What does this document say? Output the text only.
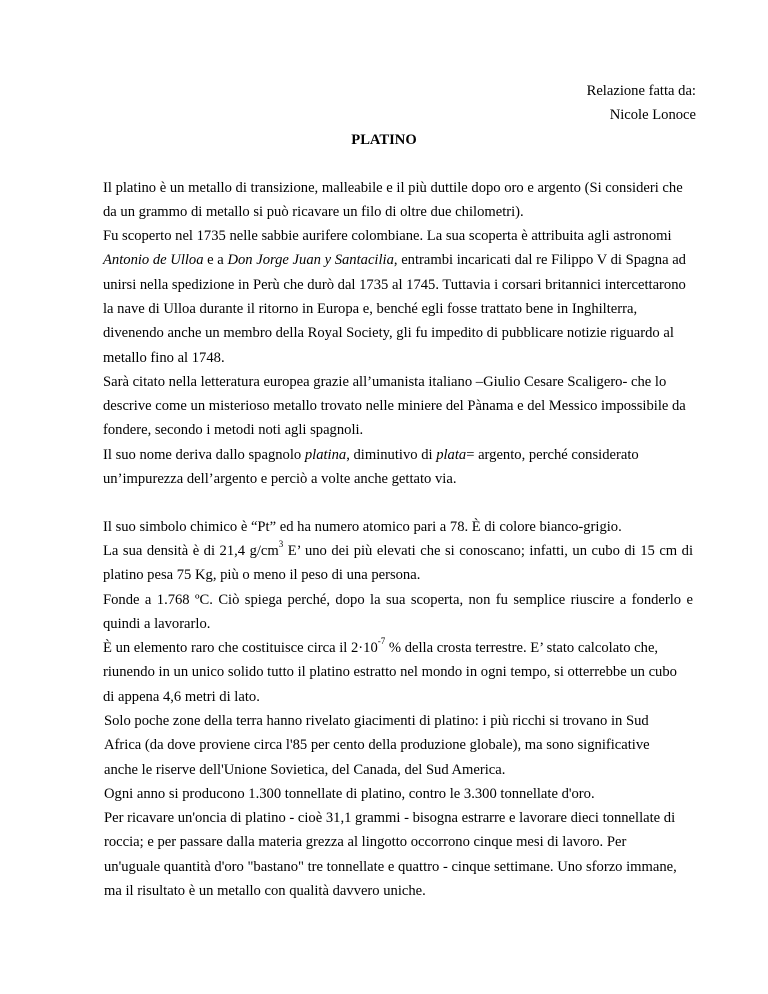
Relazione fatta da:
Nicole Lonoce
PLATINO
Il platino è un metallo di transizione, malleabile e il più duttile dopo oro e argento (Si consideri che
da un grammo di metallo si può ricavare un filo di oltre due chilometri).
Fu scoperto nel 1735 nelle sabbie aurifere colombiane. La sua scoperta è attribuita agli astronomi
Antonio de Ulloa e a Don Jorge Juan y Santacilia, entrambi incaricati dal re Filippo V di Spagna ad
unirsi nella spedizione in Perù che durò dal 1735 al 1745. Tuttavia i corsari britannici intercettarono
la nave di Ulloa durante il ritorno in Europa e, benché egli fosse trattato bene in Inghilterra,
divenendo anche un membro della Royal Society, gli fu impedito di pubblicare notizie riguardo al
metallo fino al 1748.
Sarà citato nella letteratura europea grazie all’umanista italiano –Giulio Cesare Scaligero- che lo
descrive come un misterioso metallo trovato nelle miniere del Pànama e del Messico impossibile da
fondere, secondo i metodi noti agli spagnoli.
Il suo nome deriva dallo spagnolo platina, diminutivo di plata= argento, perché considerato
un’impurezza dell’argento e perciò a volte anche gettato via.
Il suo simbolo chimico è “Pt” ed ha numero atomico pari a 78. È di colore bianco-grigio.
La sua densità è di 21,4 $g/cm^3$ E’ uno dei più elevati che si conoscano; infatti, un cubo di 15 cm di
platino pesa 75 Kg, più o meno il peso di una persona.
Fonde a 1.768 ºC. Ciò spiega perché, dopo la sua scoperta, non fu semplice riuscire a fonderlo e
quindi a lavorarlo.
È un elemento raro che costituisce circa il $2\cdot 10^{-7}$ % della crosta terrestre. E’ stato calcolato che,
riunendo in un unico solido tutto il platino estratto nel mondo in ogni tempo, si otterrebbe un cubo
di appena 4,6 metri di lato.
Solo poche zone della terra hanno rivelato giacimenti di platino: i più ricchi si trovano in Sud
Africa (da dove proviene circa l'85 per cento della produzione globale), ma sono significative
anche le riserve dell'Unione Sovietica, del Canada, del Sud America.
Ogni anno si producono 1.300 tonnellate di platino, contro le 3.300 tonnellate d'oro.
Per ricavare un'oncia di platino - cioè 31,1 grammi - bisogna estrarre e lavorare dieci tonnellate di
roccia; e per passare dalla materia grezza al lingotto occorrono cinque mesi di lavoro. Per
un'uguale quantità d'oro "bastano" tre tonnellate e quattro - cinque settimane. Uno sforzo immane,
ma il risultato è un metallo con qualità davvero uniche.
